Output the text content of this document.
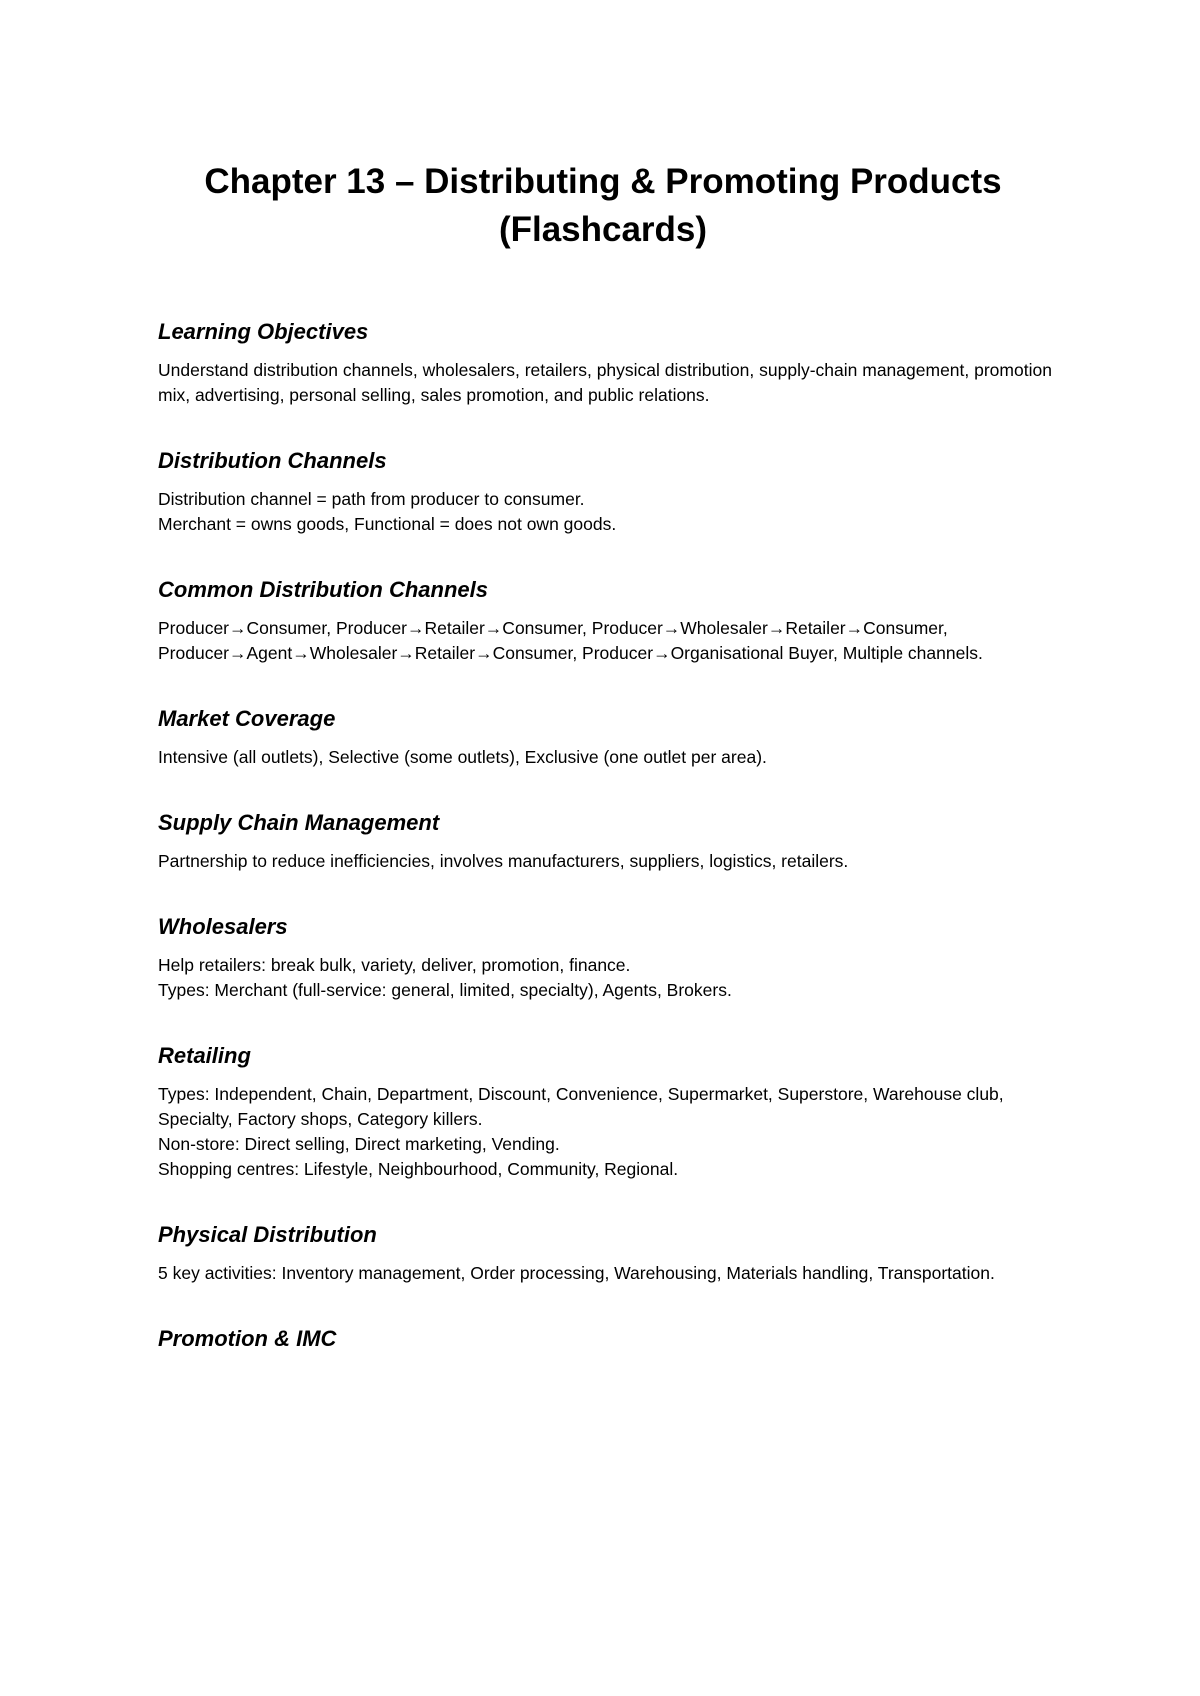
Chapter 13 – Distributing & Promoting Products
(Flashcards)
Learning Objectives

Understand distribution channels, wholesalers, retailers, physical distribution, supply-chain management, promotion mix, advertising, personal selling, sales promotion, and public relations.

Distribution Channels

Distribution channel = path from producer to consumer.

Merchant = owns goods, Functional = does not own goods.

Common Distribution Channels

Producer→Consumer, Producer→Retailer→Consumer, Producer→Wholesaler→Retailer→Consumer, Producer→Agent→Wholesaler→Retailer→Consumer, Producer→Organisational Buyer, Multiple channels.

Market Coverage

Intensive (all outlets), Selective (some outlets), Exclusive (one outlet per area).

Supply Chain Management

Partnership to reduce inefficiencies, involves manufacturers, suppliers, logistics, retailers.

Wholesalers

Help retailers: break bulk, variety, deliver, promotion, finance.

Types: Merchant (full-service: general, limited, specialty), Agents, Brokers.

Retailing

Types: Independent, Chain, Department, Discount, Convenience, Supermarket, Superstore, Warehouse club, Specialty, Factory shops, Category killers.

Non-store: Direct selling, Direct marketing, Vending.

Shopping centres: Lifestyle, Neighbourhood, Community, Regional.

Physical Distribution

5 key activities: Inventory management, Order processing, Warehousing, Materials handling, Transportation.

Promotion & IMC
